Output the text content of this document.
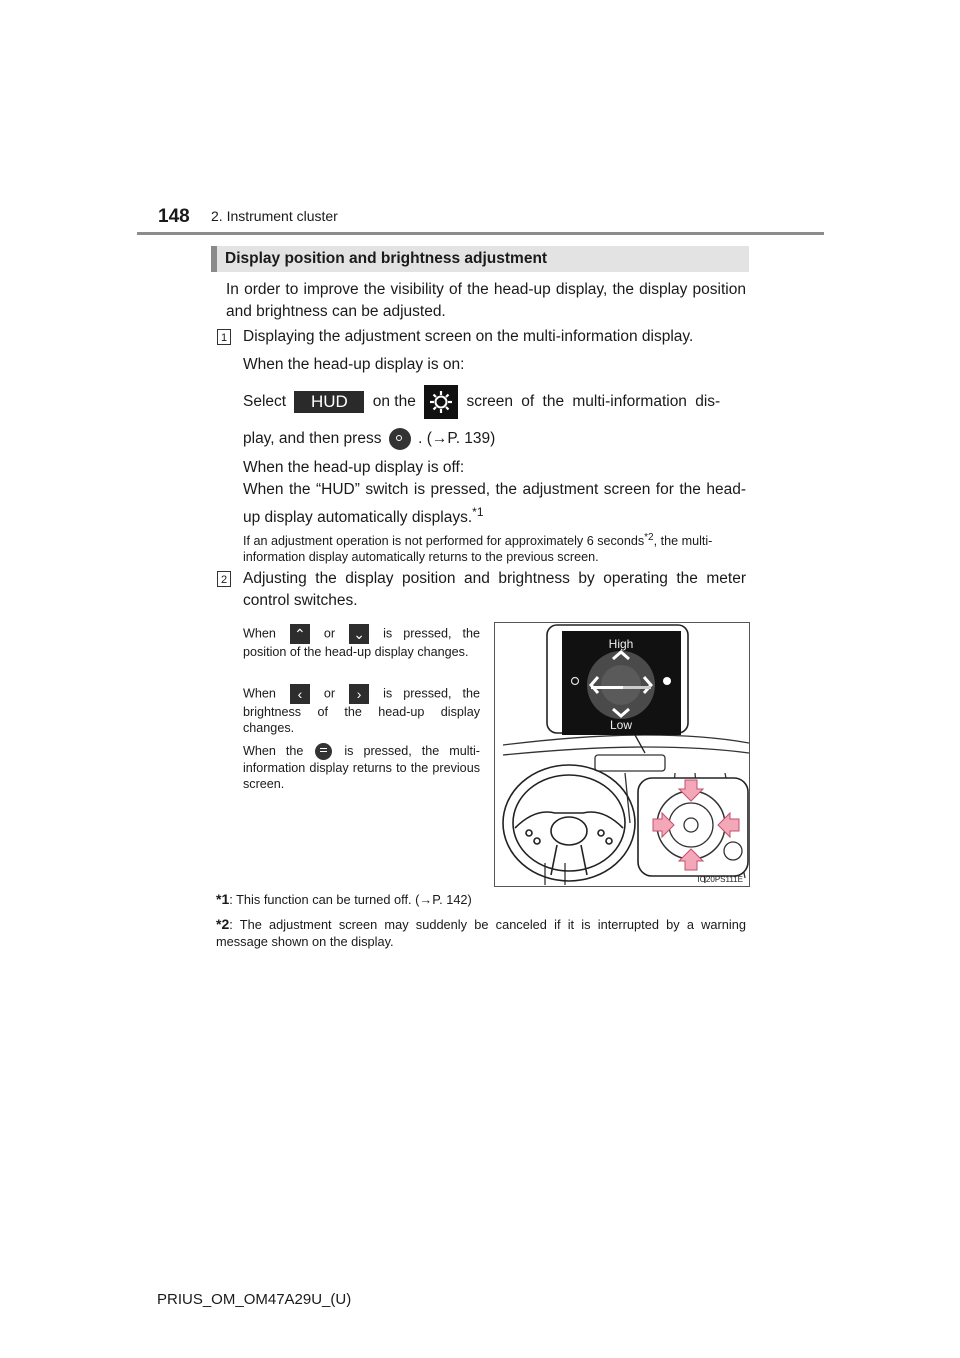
148 2. Instrument cluster
Display position and brightness adjustment
In order to improve the visibility of the head-up display, the display position and brightness can be adjusted.
1 Displaying the adjustment screen on the multi-information display.
When the head-up display is on:
Select HUD on the	screen of the multi-information dis-
play, and then press . (→P. 139)
When the head-up display is off:
When the “HUD” switch is pressed, the adjustment screen for the head-up display automatically displays.$^{*1}$
If an adjustment operation is not performed for approximately 6 seconds$^{*2}$, the multi-information display automatically returns to the previous screen.
2 Adjusting the display position and brightness by operating the meter control switches.
When ⌃ or ⌄ is pressed, the position of the head-up display changes.
When ‹ or › is pressed, the brightness of the head-up display changes.
When the	is pressed, the multi-information display returns to the previous screen.
High
Low
IO20PS111E
*1: This function can be turned off. (→P. 142)
*2: The adjustment screen may suddenly be canceled if it is interrupted by a warning message shown on the display.
PRIUS_OM_OM47A29U_(U)
